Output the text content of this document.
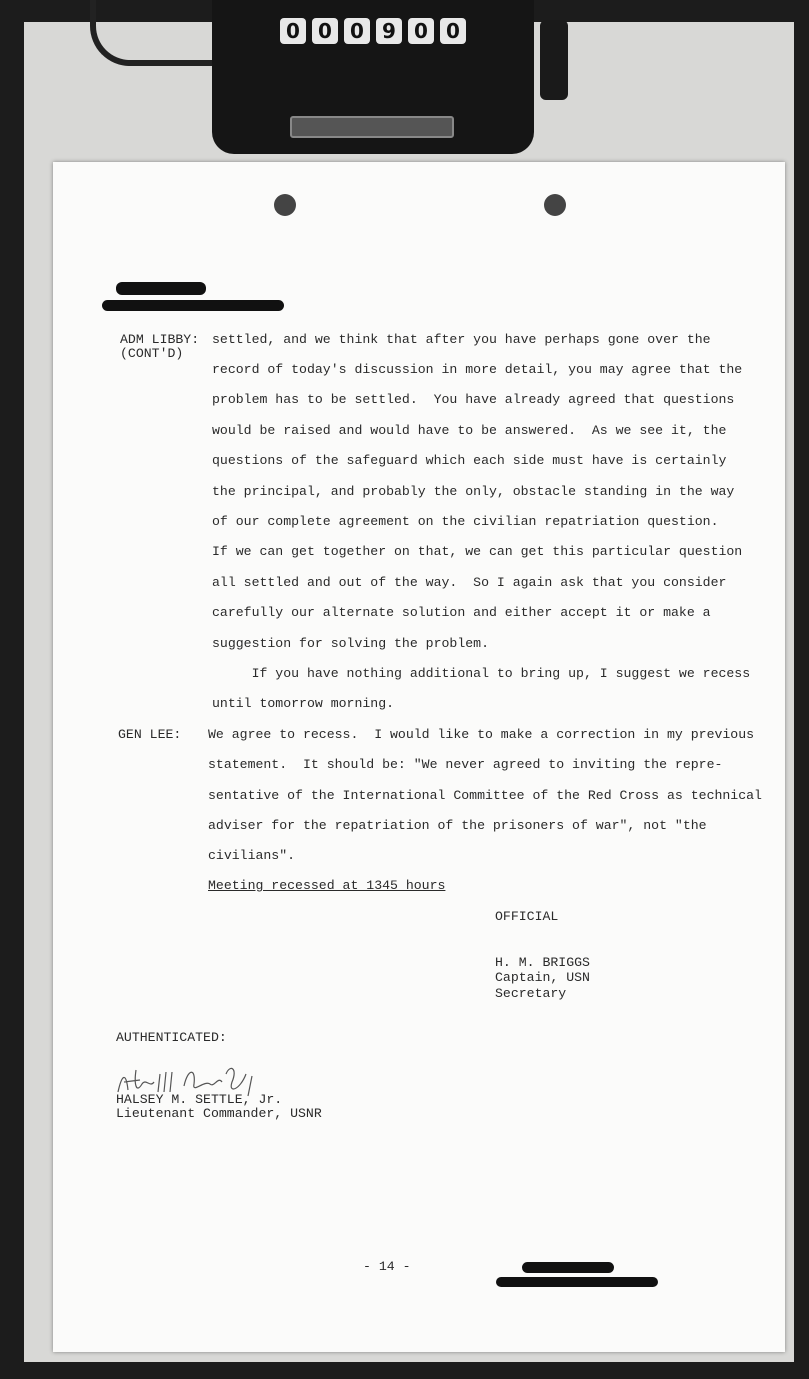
0 0 0 9 0 0
ADM LIBBY:
(CONT'D)
settled, and we think that after you have perhaps gone over the
record of today's discussion in more detail, you may agree that the
problem has to be settled.  You have already agreed that questions
would be raised and would have to be answered.  As we see it, the
questions of the safeguard which each side must have is certainly
the principal, and probably the only, obstacle standing in the way
of our complete agreement on the civilian repatriation question.
If we can get together on that, we can get this particular question
all settled and out of the way.  So I again ask that you consider
carefully our alternate solution and either accept it or make a
suggestion for solving the problem.
If you have nothing additional to bring up, I suggest we recess
until tomorrow morning.
GEN LEE: We agree to recess.  I would like to make a correction in my previous
statement.  It should be: "We never agreed to inviting the repre-
sentative of the International Committee of the Red Cross as technical
adviser for the repatriation of the prisoners of war", not "the
civilians".
Meeting recessed at 1345 hours
OFFICIAL
H. M. BRIGGS
Captain, USN
Secretary
AUTHENTICATED:
HALSEY M. SETTLE, Jr.
Lieutenant Commander, USNR
- 14 -
